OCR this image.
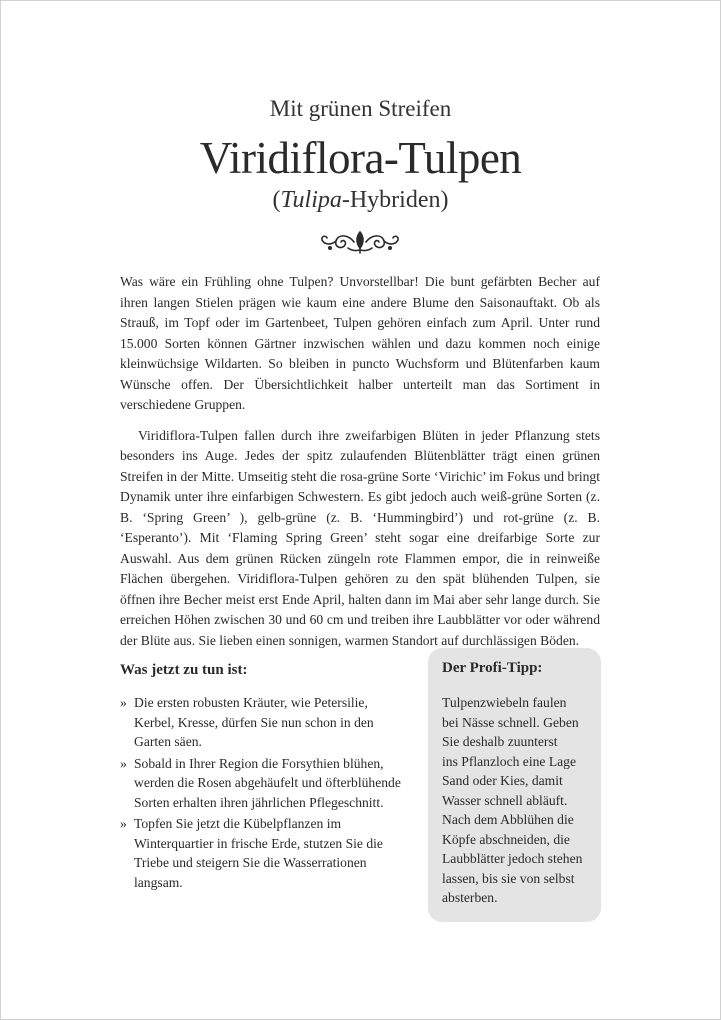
Mit grünen Streifen
Viridiflora-Tulpen
(Tulipa-Hybriden)

Was wäre ein Frühling ohne Tulpen? Unvorstellbar! Die bunt gefärbten Becher auf ihren langen Stielen prägen wie kaum eine andere Blume den Saisonauftakt. Ob als Strauß, im Topf oder im Gartenbeet, Tulpen gehören einfach zum April. Unter rund 15.000 Sorten können Gärtner inzwischen wählen und dazu kommen noch einige kleinwüchsige Wildarten. So bleiben in puncto Wuchsform und Blütenfarben kaum Wünsche offen. Der Übersichtlichkeit halber unterteilt man das Sortiment in verschiedene Gruppen.

Viridiflora-Tulpen fallen durch ihre zweifarbigen Blüten in jeder Pflanzung stets besonders ins Auge. Jedes der spitz zulaufenden Blütenblätter trägt einen grünen Streifen in der Mitte. Umseitig steht die rosa-grüne Sorte ‘Virichic’ im Fokus und bringt Dynamik unter ihre einfarbigen Schwestern. Es gibt jedoch auch weiß-grüne Sorten (z. B. ‘Spring Green’ ), gelb-grüne (z. B. ‘Hummingbird’) und rot-grüne (z. B. ‘Esperanto’). Mit ‘Flaming Spring Green’ steht sogar eine dreifarbige Sorte zur Auswahl. Aus dem grünen Rücken züngeln rote Flammen empor, die in reinweiße Flächen übergehen. Viridiflora-Tulpen gehören zu den spät blühenden Tulpen, sie öffnen ihre Becher meist erst Ende April, halten dann im Mai aber sehr lange durch. Sie erreichen Höhen zwischen 30 und 60 cm und treiben ihre Laubblätter vor oder während der Blüte aus. Sie lieben einen sonnigen, warmen Standort auf durchlässigen Böden.

Was jetzt zu tun ist:
» Die ersten robusten Kräuter, wie Petersilie, Kerbel, Kresse, dürfen Sie nun schon in den Garten säen.
» Sobald in Ihrer Region die Forsythien blühen, werden die Rosen abgehäufelt und öfterblühende Sorten erhalten ihren jährlichen Pflegeschnitt.
» Topfen Sie jetzt die Kübelpflanzen im Winterquartier in frische Erde, stutzen Sie die Triebe und steigern Sie die Wasserrationen langsam.
Der Profi-Tipp:
Tulpenzwiebeln faulen
bei Nässe schnell. Geben
Sie deshalb zuunterst
ins Pflanzloch eine Lage
Sand oder Kies, damit
Wasser schnell abläuft.
Nach dem Abblühen die
Köpfe abschneiden, die
Laubblätter jedoch stehen
lassen, bis sie von selbst
absterben.
